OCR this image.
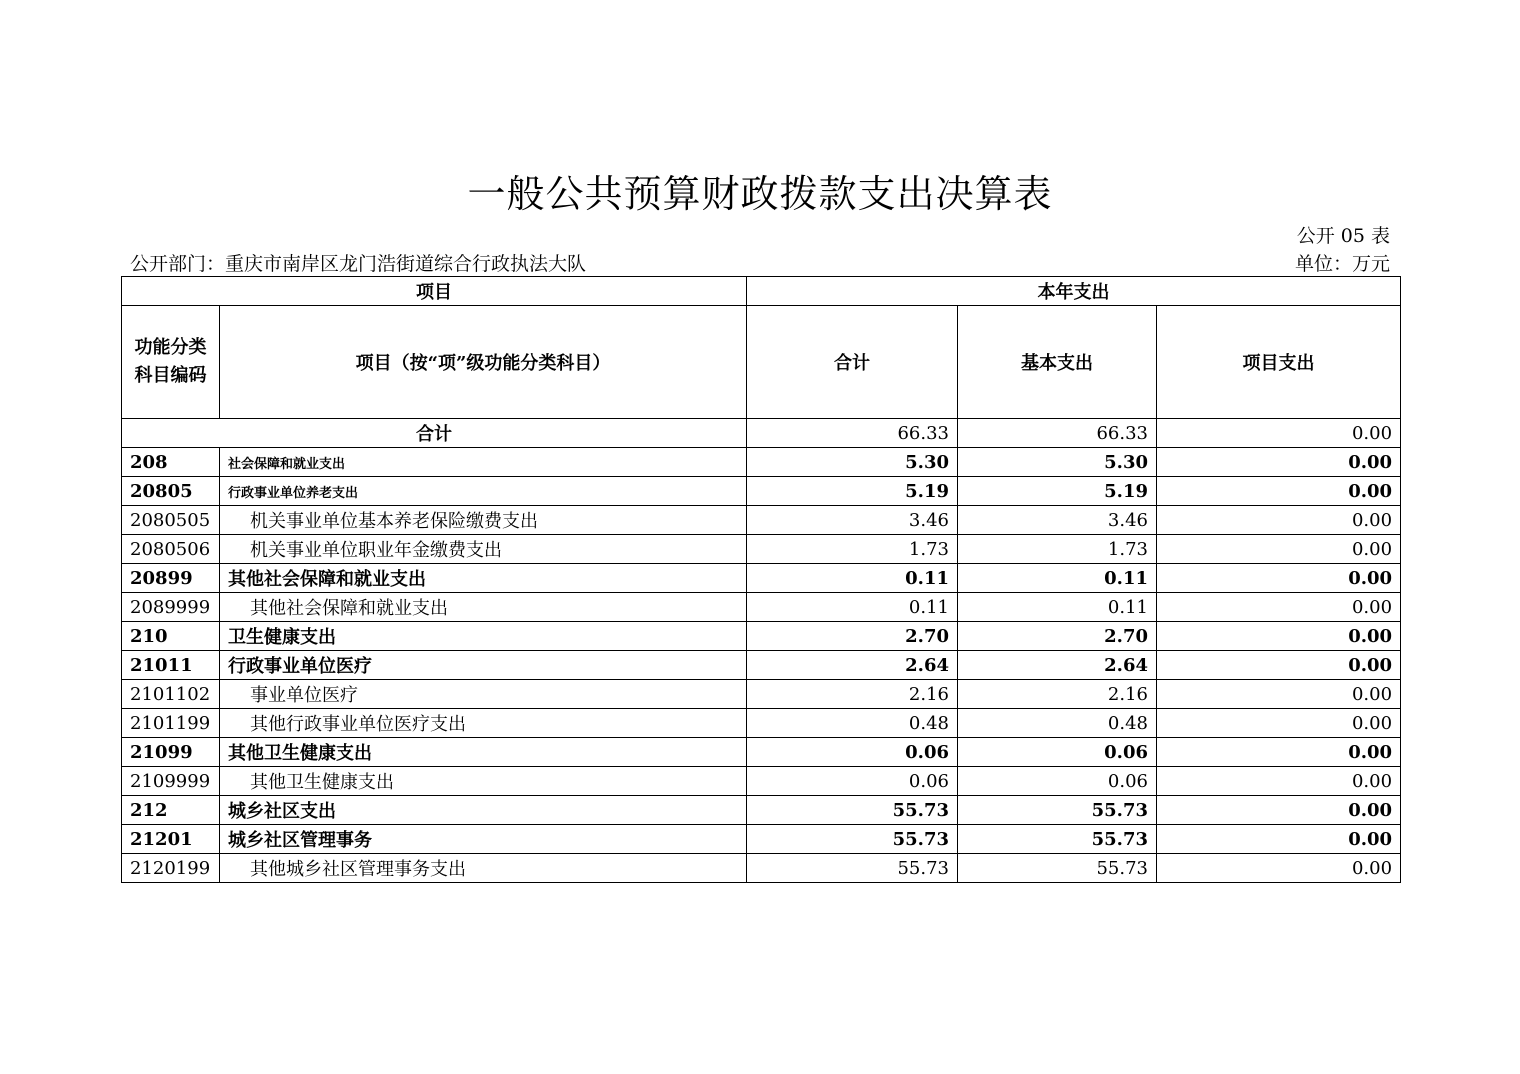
一般公共预算财政拨款支出决算表
公开 05 表
公开部门：重庆市南岸区龙门浩街道综合行政执法大队	单位：万元
项目		本年支出		
功能分类科目编码	项目（按“项”级功能分类科目）	合计	基本支出	项目支出
合计		66.33	66.33	0.00
208	社会保障和就业支出	5.30	5.30	0.00
20805	行政事业单位养老支出	5.19	5.19	0.00
2080505	机关事业单位基本养老保险缴费支出	3.46	3.46	0.00
2080506	机关事业单位职业年金缴费支出	1.73	1.73	0.00
20899	其他社会保障和就业支出	0.11	0.11	0.00
2089999	其他社会保障和就业支出	0.11	0.11	0.00
210	卫生健康支出	2.70	2.70	0.00
21011	行政事业单位医疗	2.64	2.64	0.00
2101102	事业单位医疗	2.16	2.16	0.00
2101199	其他行政事业单位医疗支出	0.48	0.48	0.00
21099	其他卫生健康支出	0.06	0.06	0.00
2109999	其他卫生健康支出	0.06	0.06	0.00
212	城乡社区支出	55.73	55.73	0.00
21201	城乡社区管理事务	55.73	55.73	0.00
2120199	其他城乡社区管理事务支出	55.73	55.73	0.00
